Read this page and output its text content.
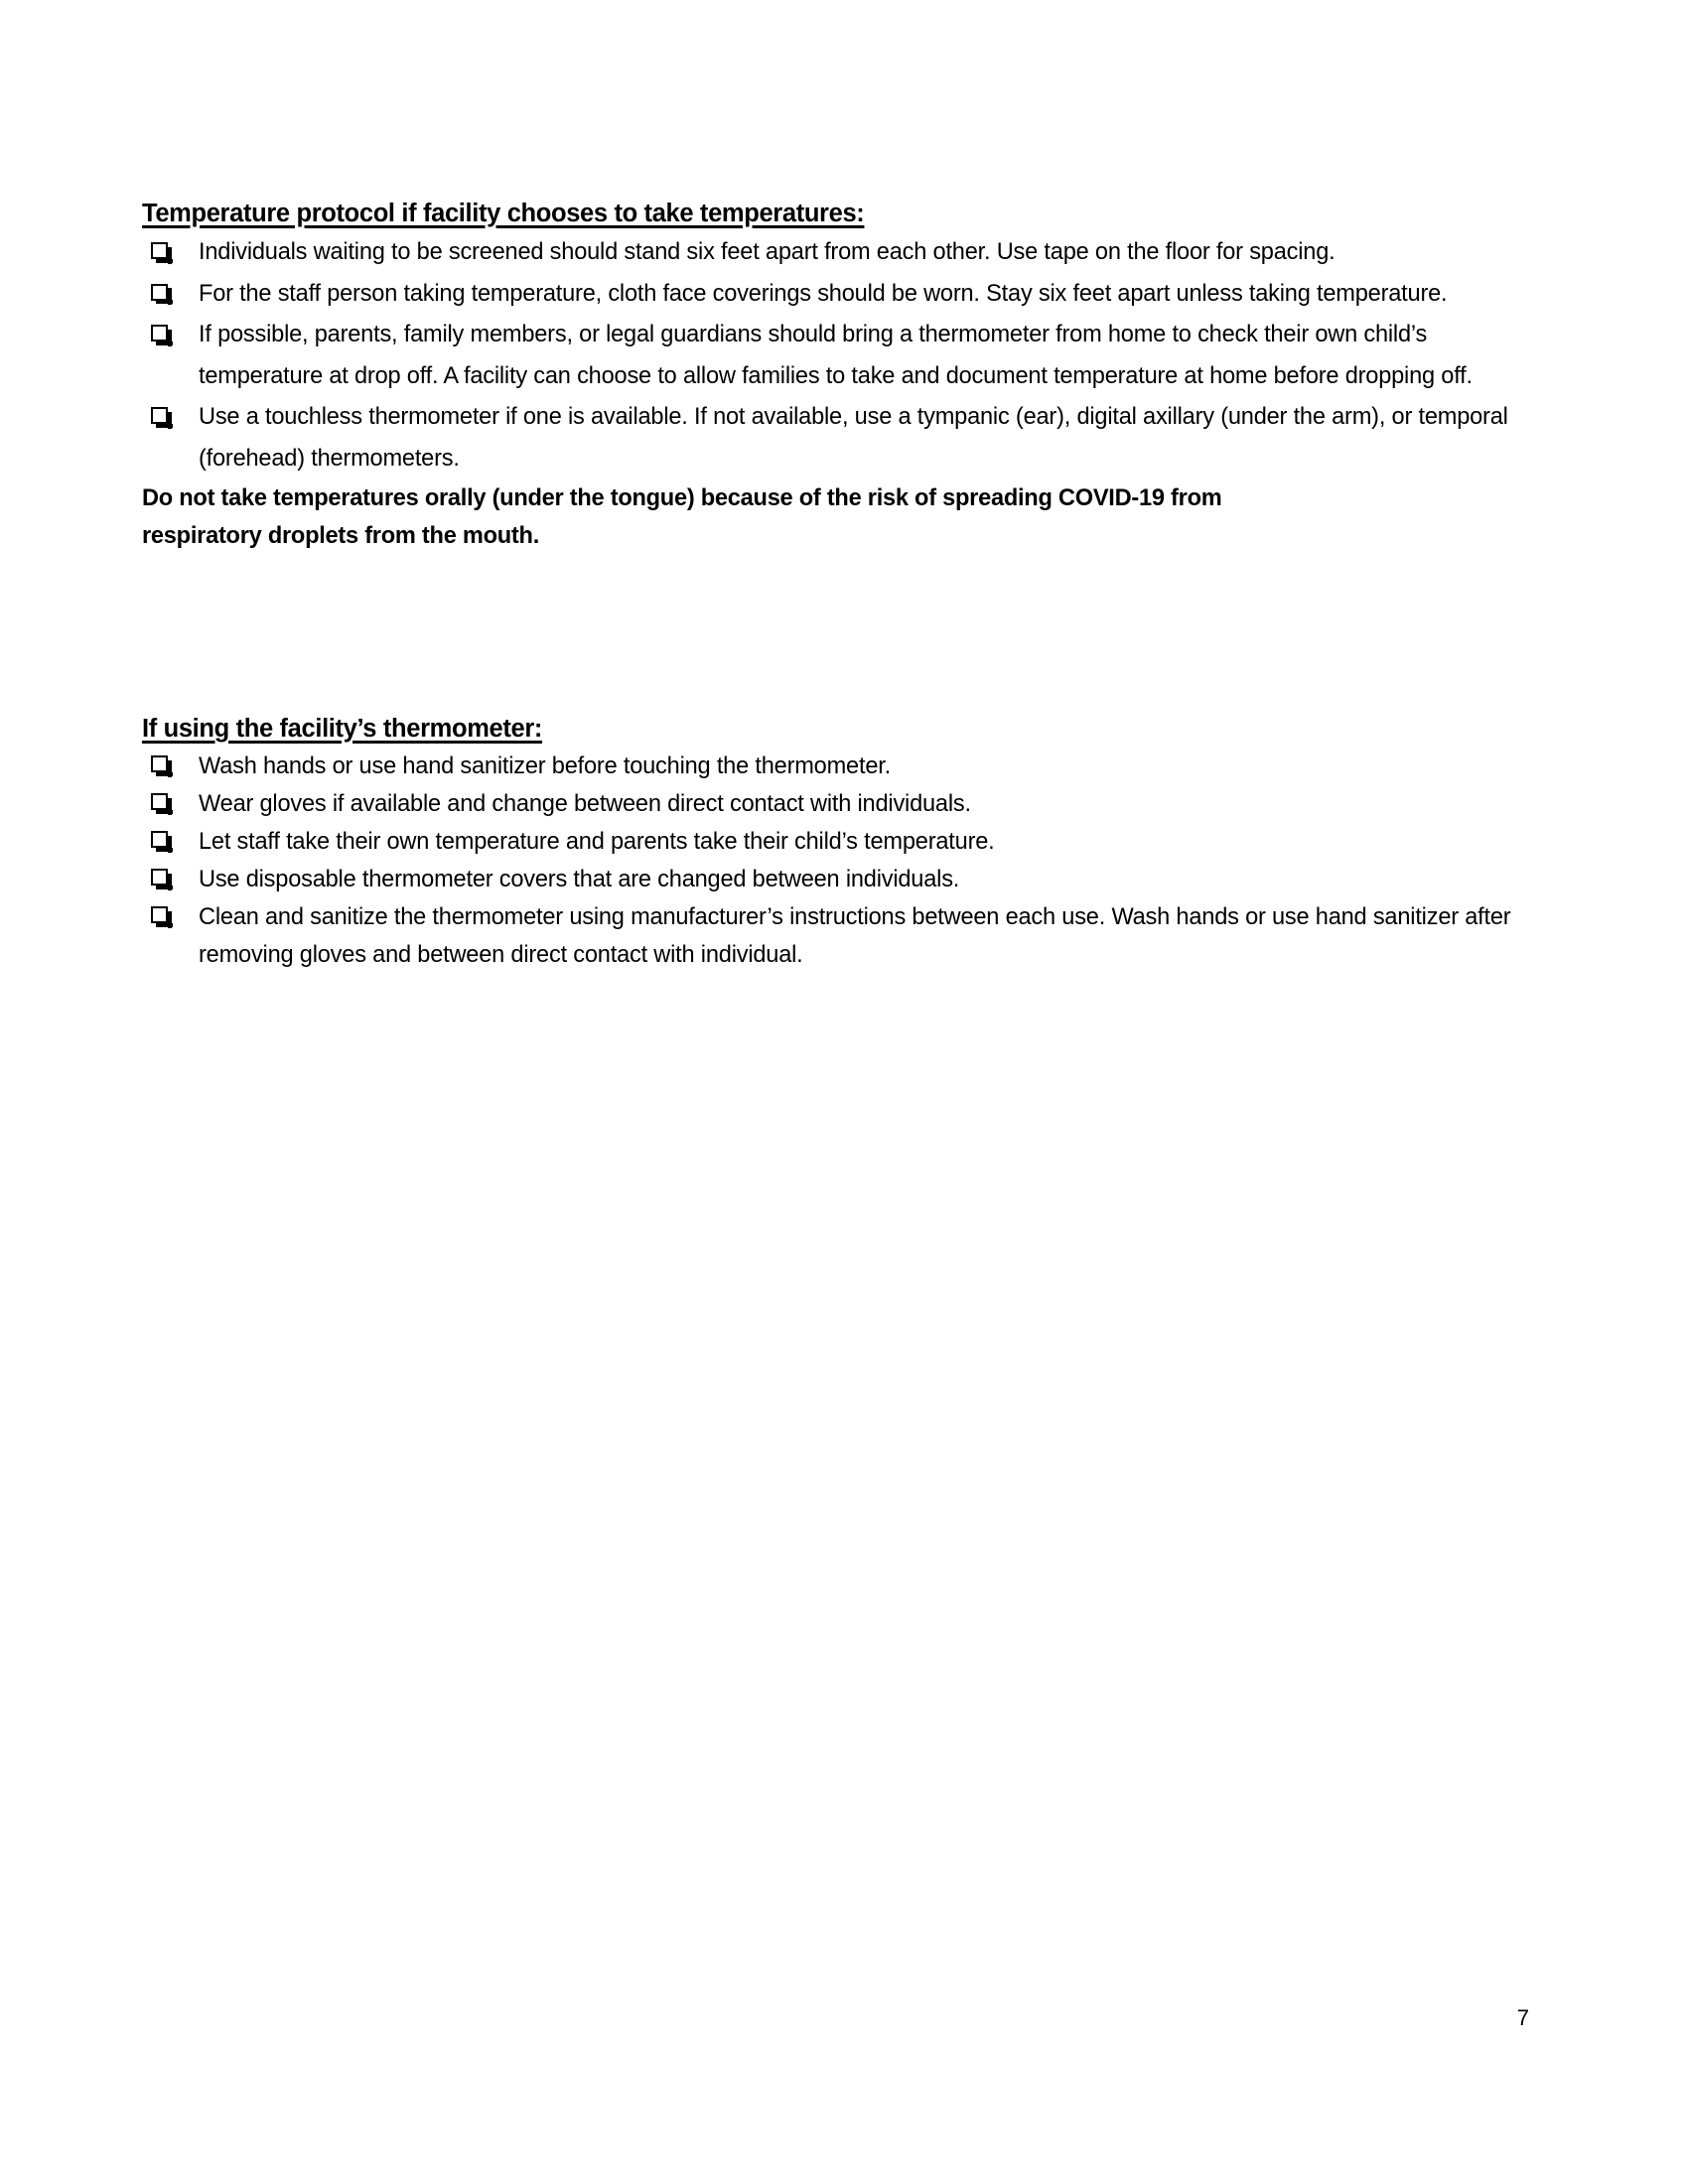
Temperature protocol if facility chooses to take temperatures:
Individuals waiting to be screened should stand six feet apart from each other. Use tape on the floor for spacing.
For the staff person taking temperature, cloth face coverings should be worn. Stay six feet apart unless taking temperature.
If possible, parents, family members, or legal guardians should bring a thermometer from home to check their own child’s temperature at drop off. A facility can choose to allow families to take and document temperature at home before dropping off.
Use a touchless thermometer if one is available. If not available, use a tympanic (ear), digital axillary (under the arm), or temporal (forehead) thermometers.

Do not take temperatures orally (under the tongue) because of the risk of spreading COVID-19 from respiratory droplets from the mouth.

If using the facility’s thermometer:
Wash hands or use hand sanitizer before touching the thermometer.
Wear gloves if available and change between direct contact with individuals.
Let staff take their own temperature and parents take their child’s temperature.
Use disposable thermometer covers that are changed between individuals.
Clean and sanitize the thermometer using manufacturer’s instructions between each use. Wash hands or use hand sanitizer after removing gloves and between direct contact with individual.
7
